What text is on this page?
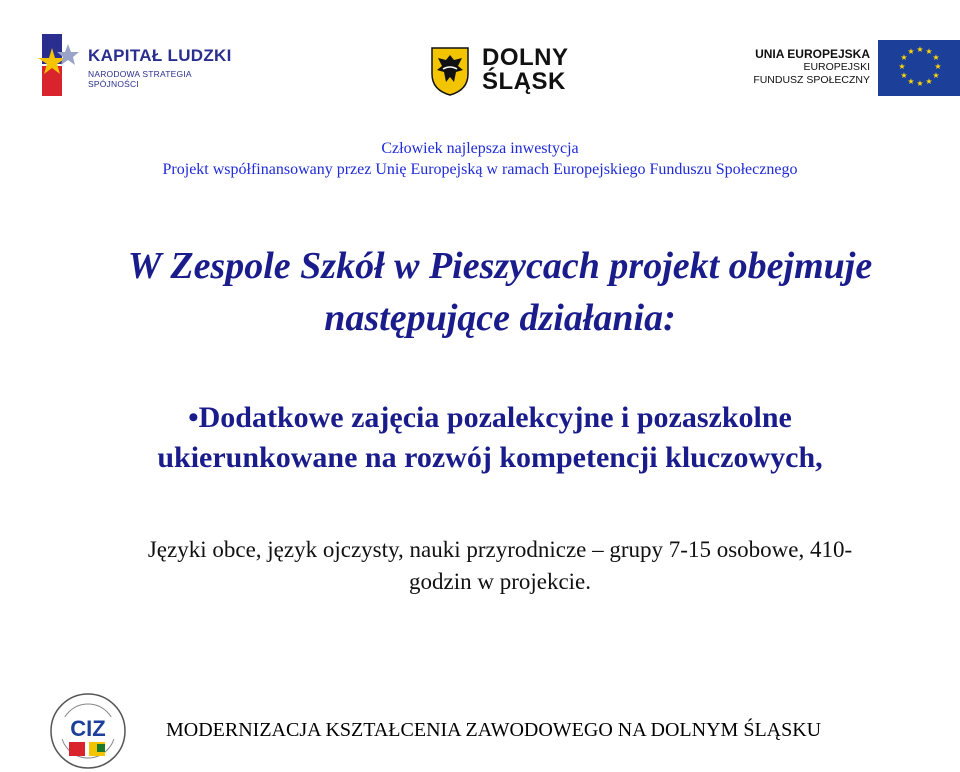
KAPITAŁ LUDZKI
NARODOWA STRATEGIA SPÓJNOŚCI
DOLNY
ŚLĄSK
UNIA EUROPEJSKA
EUROPEJSKI
FUNDUSZ SPOŁECZNY
★ ★
★
★
★
★
★
★
★
★
★
★
Człowiek najlepsza inwestycja
Projekt współfinansowany przez Unię Europejską w ramach Europejskiego Funduszu Społecznego
W Zespole Szkół w Pieszycach projekt obejmuje
następujące działania:
•Dodatkowe zajęcia pozalekcyjne i pozaszkolne
ukierunkowane na rozwój kompetencji kluczowych,
Języki obce, język ojczysty, nauki przyrodnicze – grupy 7-15 osobowe, 410-
godzin w projekcie.
CIZ	MODERNIZACJA KSZTAŁCENIA ZAWODOWEGO NA DOLNYM ŚLĄSKU
